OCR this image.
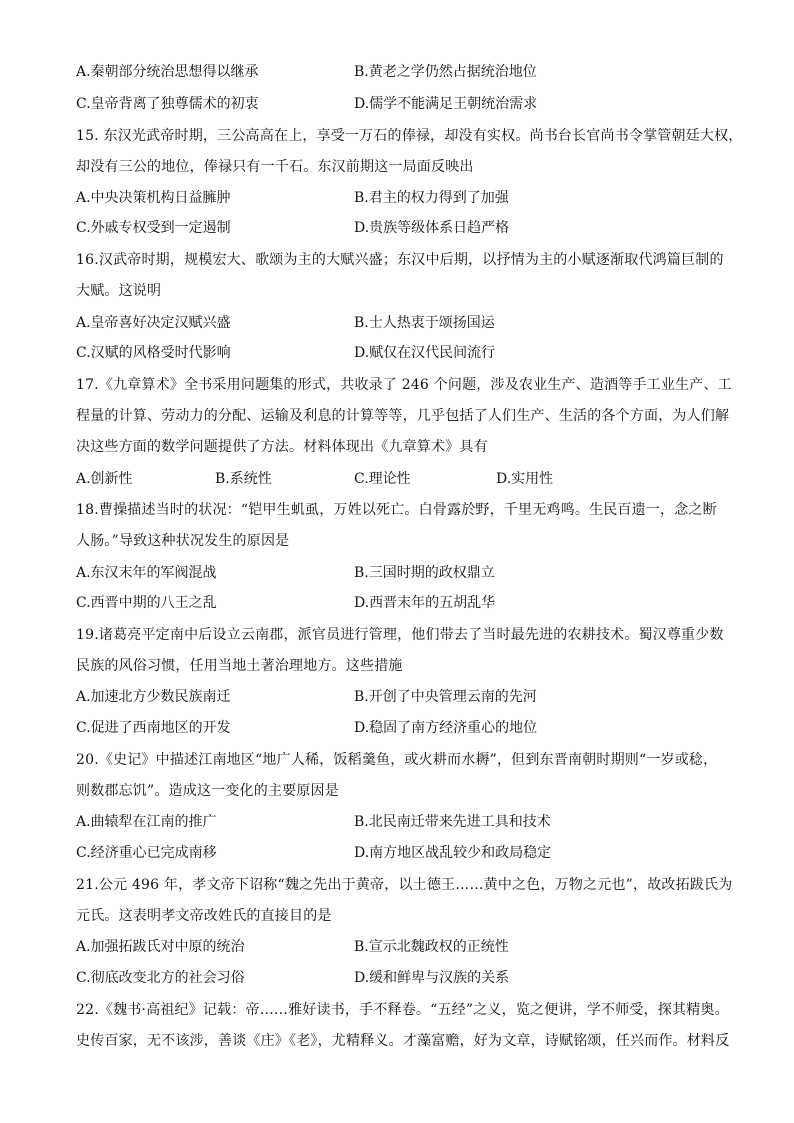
A.秦朝部分统治思想得以继承	B.黄老之学仍然占据统治地位
C.皇帝背离了独尊儒术的初衷	D.儒学不能满足王朝统治需求
15. 东汉光武帝时期，三公高高在上，享受一万石的俸禄，却没有实权。尚书台长官尚书令掌管朝廷大权，
却没有三公的地位，俸禄只有一千石。东汉前期这一局面反映出
A.中央决策机构日益臃肿	B.君主的权力得到了加强
C.外戚专权受到一定遏制	D.贵族等级体系日趋严格
16.汉武帝时期，规模宏大、歌颂为主的大赋兴盛；东汉中后期，以抒情为主的小赋逐渐取代鸿篇巨制的
大赋。这说明
A.皇帝喜好决定汉赋兴盛	B.士人热衷于颂扬国运
C.汉赋的风格受时代影响	D.赋仅在汉代民间流行
17.《九章算术》全书采用问题集的形式，共收录了 246 个问题，涉及农业生产、造酒等手工业生产、工
程量的计算、劳动力的分配、运输及利息的计算等等，几乎包括了人们生产、生活的各个方面，为人们解
决这些方面的数学问题提供了方法。材料体现出《九章算术》具有
A.创新性	B.系统性	C.理论性	D.实用性
18.曹操描述当时的状况：“铠甲生虮虱，万姓以死亡。白骨露於野，千里无鸡鸣。生民百遗一，念之断
人肠。”导致这种状况发生的原因是
A.东汉末年的军阀混战	B.三国时期的政权鼎立
C.西晋中期的八王之乱	D.西晋末年的五胡乱华
19.诸葛亮平定南中后设立云南郡，派官员进行管理，他们带去了当时最先进的农耕技术。蜀汉尊重少数
民族的风俗习惯，任用当地土著治理地方。这些措施
A.加速北方少数民族南迁	B.开创了中央管理云南的先河
C.促进了西南地区的开发	D.稳固了南方经济重心的地位
20.《史记》中描述江南地区“地广人稀，饭稻羹鱼，或火耕而水耨”，但到东晋南朝时期则“一岁或稔，
则数郡忘饥”。造成这一变化的主要原因是
A.曲辕犁在江南的推广	B.北民南迁带来先进工具和技术
C.经济重心已完成南移	D.南方地区战乱较少和政局稳定
21.公元 496 年，孝文帝下诏称“魏之先出于黄帝，以土德王……黄中之色，万物之元也”，故改拓跋氏为
元氏。这表明孝文帝改姓氏的直接目的是
A.加强拓跋氏对中原的统治	B.宣示北魏政权的正统性
C.彻底改变北方的社会习俗	D.缓和鲜卑与汉族的关系
22.《魏书·高祖纪》记载：帝……雅好读书，手不释卷。“五经”之义，览之便讲，学不师受，探其精奥。
史传百家，无不该涉，善谈《庄》《老》，尤精释义。才藻富赡，好为文章，诗赋铭颂，任兴而作。材料反
